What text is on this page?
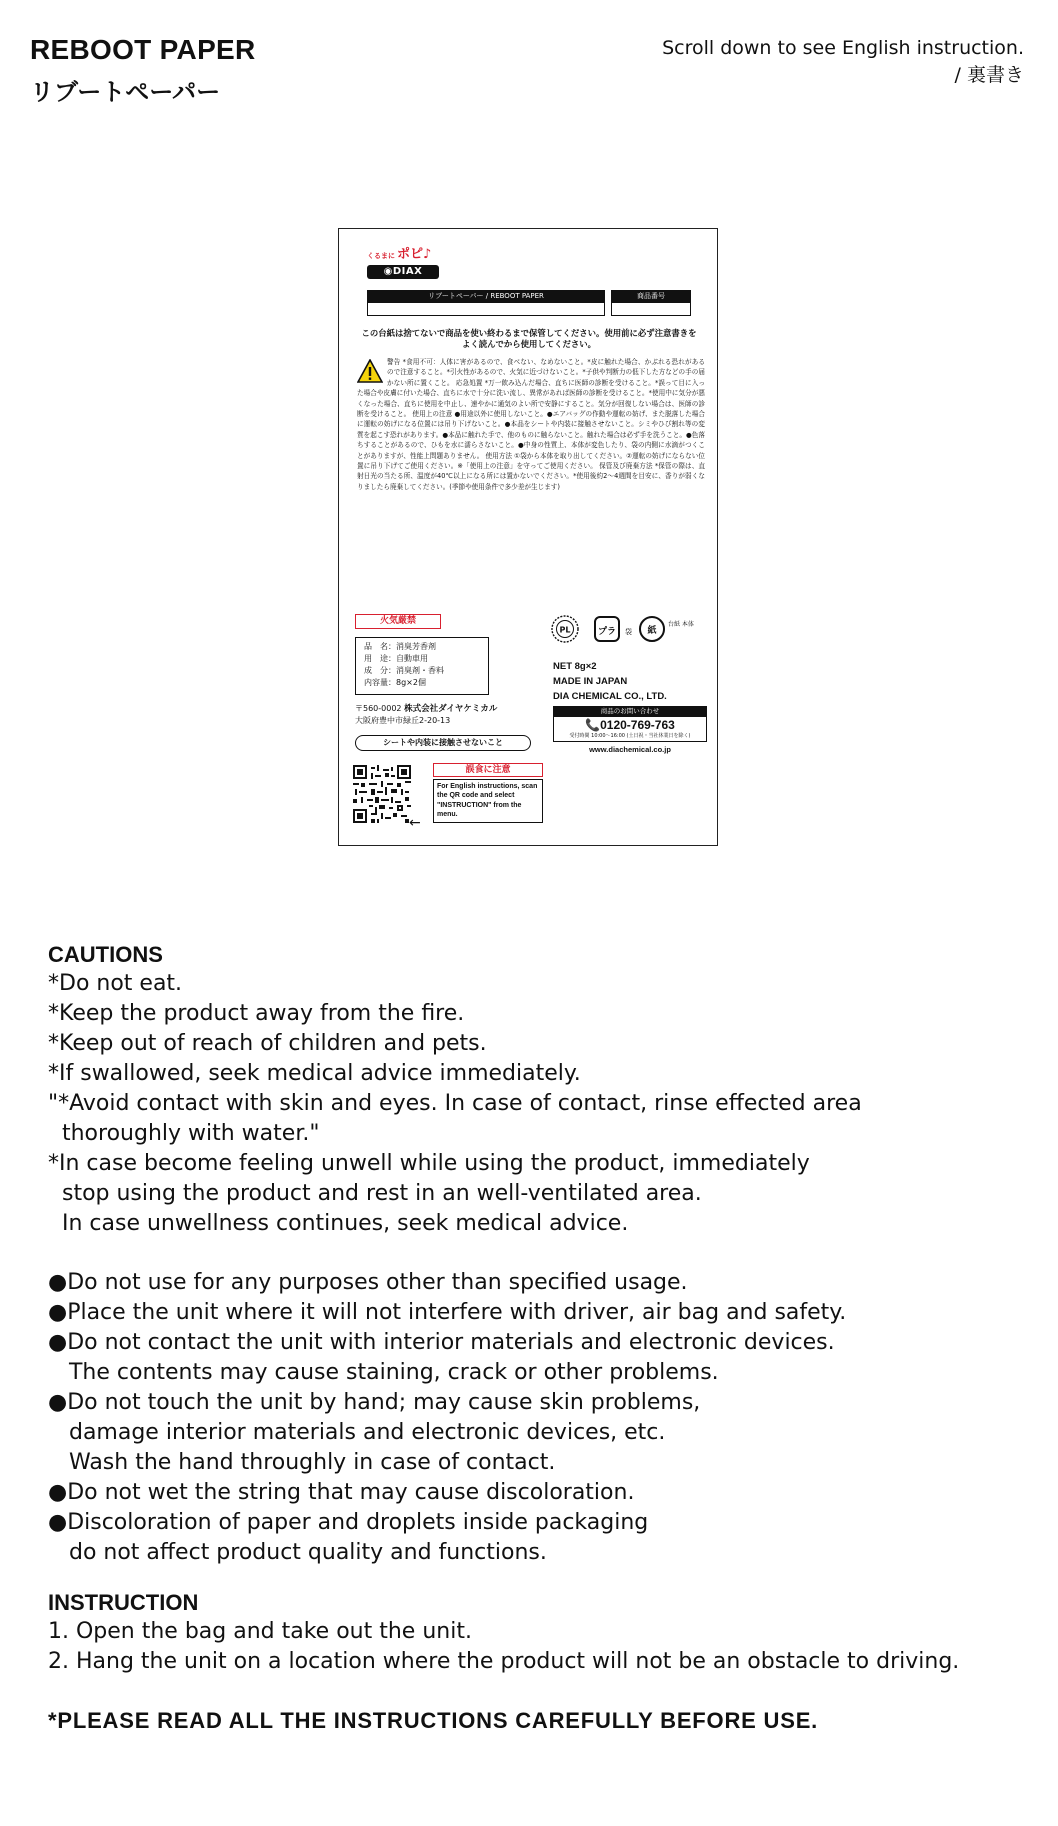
REBOOT PAPER
リブートペーパー
Scroll down to see English instruction.
/ 裏書き
くるまに ポピ♪
◉DIAX
リブートペーパー / REBOOT PAPER	商品番号
この台紙は捨てないで商品を使い終わるまで保管してください。使用前に必ず注意書きをよく読んでから使用してください。
警告 *食用不可：人体に害があるので、食べない、なめないこと。*皮に触れた場合、かぶれる恐れがあるので注意すること。*引火性があるので、火気に近づけないこと。*子供や判断力の低下した方などの手の届かない所に置くこと。 応急処置 *万一飲み込んだ場合、直ちに医師の診断を受けること。*誤って目に入った場合や皮膚に付いた場合、直ちに水で十分に洗い流し、異常があれば医師の診断を受けること。*使用中に気分が悪くなった場合、直ちに使用を中止し、速やかに通気のよい所で安静にすること。気分が回復しない場合は、医師の診断を受けること。 使用上の注意 ●用途以外に使用しないこと。●エアバッグの作動や運転の妨げ、また脱落した場合に運転の妨げになる位置には吊り下げないこと。●本品をシートや内装に接触させないこと。シミやひび割れ等の変質を起こす恐れがあります。●本品に触れた手で、他のものに触らないこと。触れた場合は必ず手を洗うこと。●色落ちすることがあるので、ひもを水に濡らさないこと。●中身の性質上、本体が変色したり、袋の内側に水滴がつくことがありますが、性能上問題ありません。 使用方法 ①袋から本体を取り出してください。②運転の妨げにならない位置に吊り下げてご使用ください。※「使用上の注意」を守ってご使用ください。 保管及び廃棄方法 *保管の際は、直射日光の当たる所、温度が40℃以上になる所には置かないでください。*使用後約2〜4週間を目安に、香りが弱くなりましたら廃棄してください。(季節や使用条件で多少差が生じます)
火気厳禁
品　名：消臭芳香剤
用　途：自動車用
成　分：消臭剤・香料
内容量：8g×2個
〒560-0002 株式会社ダイヤケミカル
大阪府豊中市緑丘2-20-13
シートや内装に接触させないこと
←
誤食に注意
For English instructions, scan the QR code and select "INSTRUCTION" from the menu.
PL	プラ 袋 紙
台紙 本体
NET 8g×2
MADE IN JAPAN
DIA CHEMICAL CO., LTD.
商品のお問い合わせ
📞0120-769-763
受付時間 10:00〜16:00 (土日祝・当社休業日を除く)
www.diachemical.co.jp
CAUTIONS
*Do not eat.
*Keep the product away from the fire.
*Keep out of reach of children and pets.
*If swallowed, seek medical advice immediately.
"*Avoid contact with skin and eyes. In case of contact, rinse effected area
thoroughly with water."
*In case become feeling unwell while using the product, immediately
stop using the product and rest in an well-ventilated area.
In case unwellness continues, seek medical advice.
●Do not use for any purposes other than specified usage.
●Place the unit where it will not interfere with driver, air bag and safety.
●Do not contact the unit with interior materials and electronic devices.
The contents may cause staining, crack or other problems.
●Do not touch the unit by hand; may cause skin problems,
damage interior materials and electronic devices, etc.
Wash the hand throughly in case of contact.
●Do not wet the string that may cause discoloration.
●Discoloration of paper and droplets inside packaging
do not affect product quality and functions.
INSTRUCTION
1. Open the bag and take out the unit.
2. Hang the unit on a location where the product will not be an obstacle to driving.
*PLEASE READ ALL THE INSTRUCTIONS CAREFULLY BEFORE USE.
